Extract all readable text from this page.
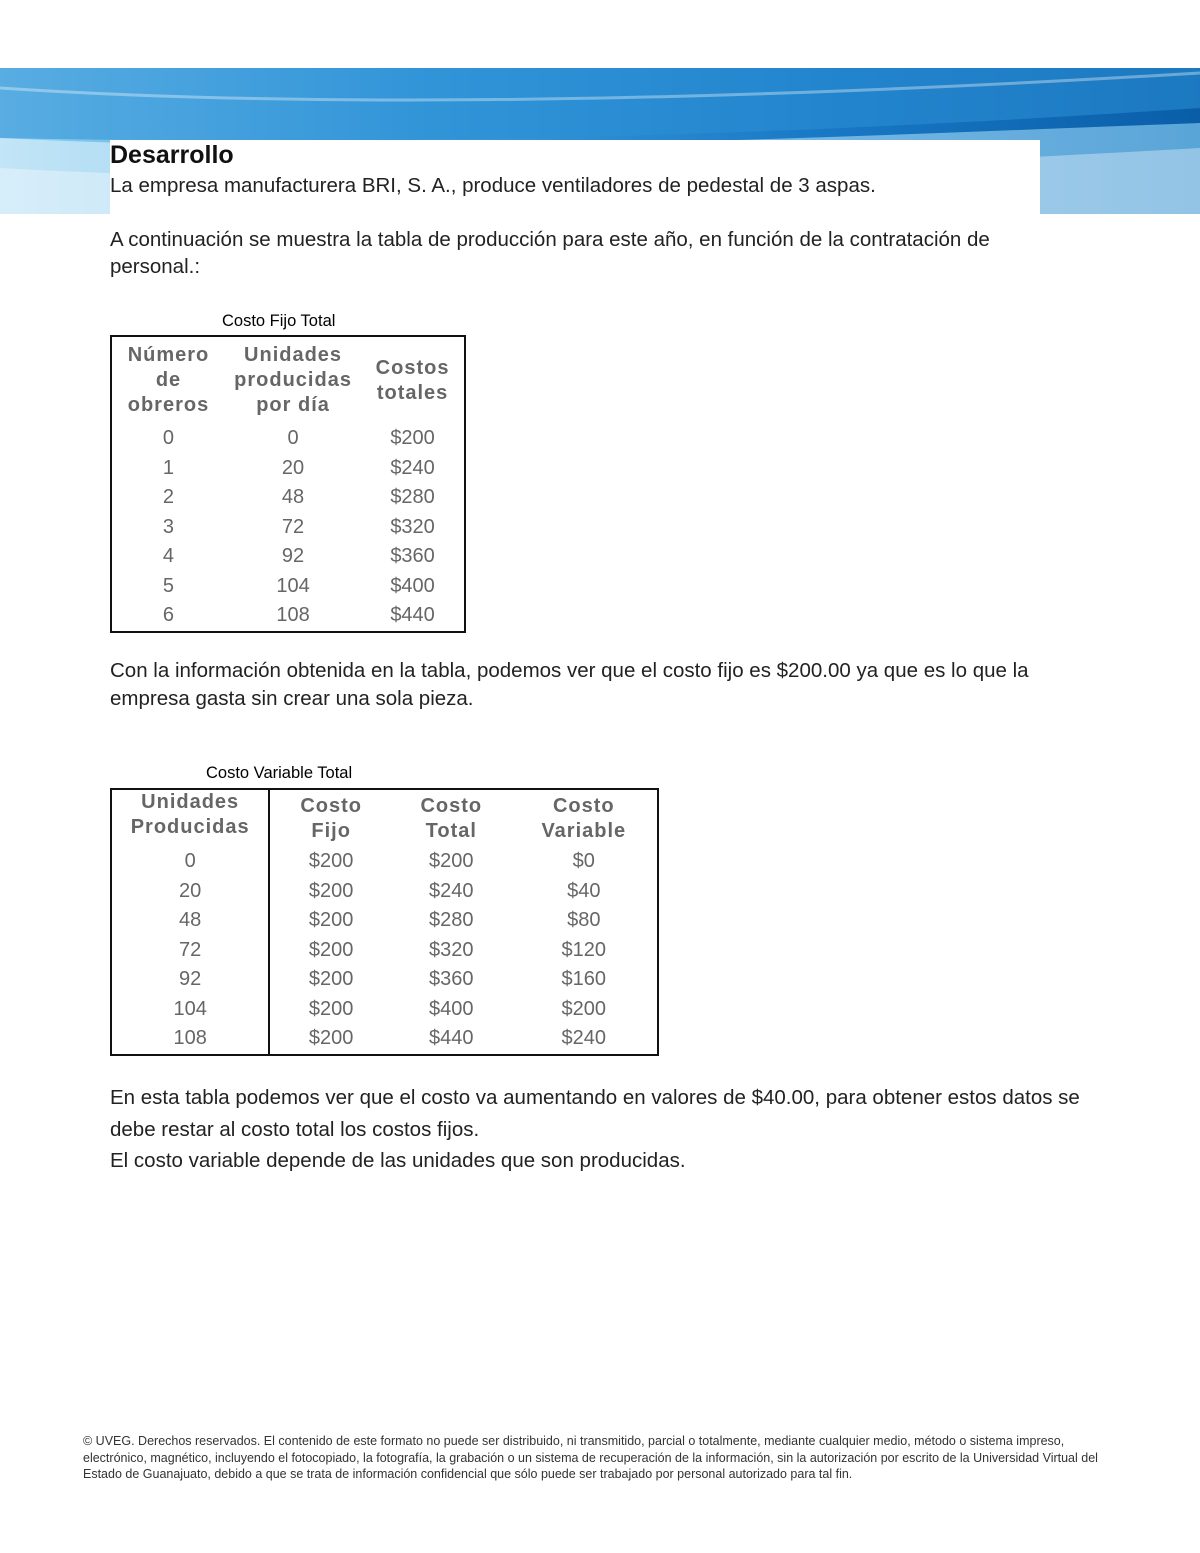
Desarrollo

La empresa manufacturera BRI, S. A., produce ventiladores de pedestal de 3 aspas.

A continuación se muestra la tabla de producción para este año, en función de la contratación de personal.:

Costo Fijo Total
Número de obreros	Unidades producidas por día	Costos totales
0	0	$200
1	20	$240
2	48	$280
3	72	$320
4	92	$360
5	104	$400
6	108	$440

Con la información obtenida en la tabla, podemos ver que el costo fijo es $200.00 ya que es lo que la empresa gasta sin crear una sola pieza.

Costo Variable Total
Unidades Producidas	Costo Fijo	Costo Total	Costo Variable
0	$200	$200	$0
20	$200	$240	$40
48	$200	$280	$80
72	$200	$320	$120
92	$200	$360	$160
104	$200	$400	$200
108	$200	$440	$240

En esta tabla podemos ver que el costo va aumentando en valores de $40.00, para obtener estos datos se debe restar al costo total los costos fijos.

El costo variable depende de las unidades que son producidas.

© UVEG. Derechos reservados. El contenido de este formato no puede ser distribuido, ni transmitido, parcial o totalmente, mediante cualquier medio, método o sistema impreso, electrónico, magnético, incluyendo el fotocopiado, la fotografía, la grabación o un sistema de recuperación de la información, sin la autorización por escrito de la Universidad Virtual del Estado de Guanajuato, debido a que se trata de información confidencial que sólo puede ser trabajado por personal autorizado para tal fin.
